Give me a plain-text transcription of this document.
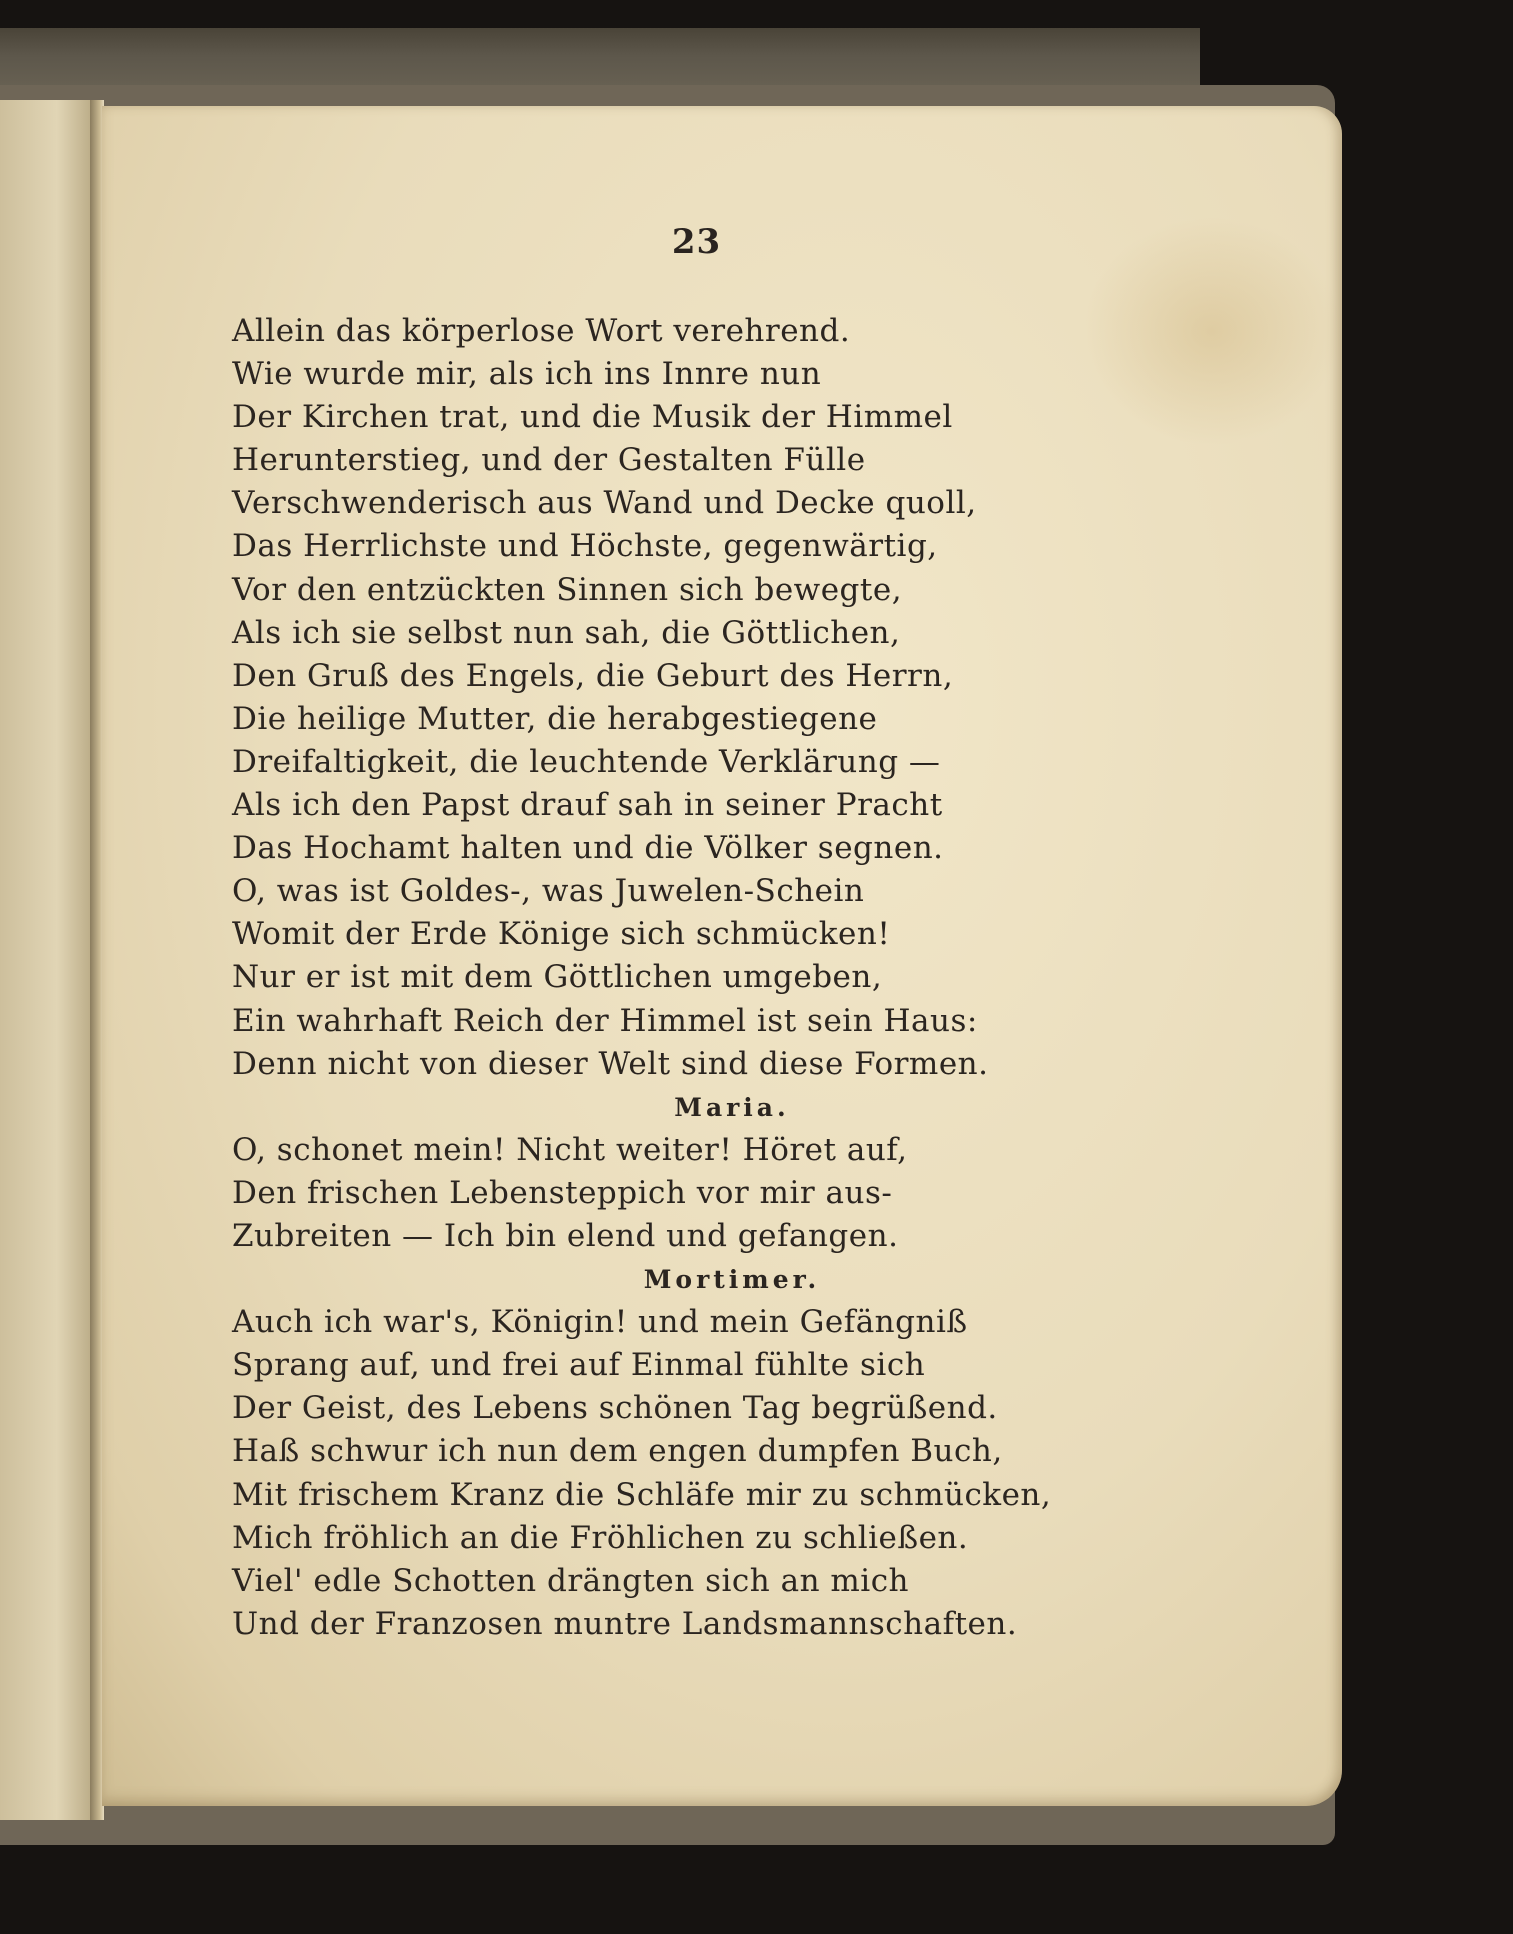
23
Allein das körperlose Wort verehrend.
Wie wurde mir, als ich ins Innre nun
Der Kirchen trat, und die Musik der Himmel
Herunterstieg, und der Gestalten Fülle
Verschwenderisch aus Wand und Decke quoll,
Das Herrlichste und Höchste, gegenwärtig,
Vor den entzückten Sinnen sich bewegte,
Als ich sie selbst nun sah, die Göttlichen,
Den Gruß des Engels, die Geburt des Herrn,
Die heilige Mutter, die herabgestiegene
Dreifaltigkeit, die leuchtende Verklärung —
Als ich den Papst drauf sah in seiner Pracht
Das Hochamt halten und die Völker segnen.
O, was ist Goldes-, was Juwelen-Schein
Womit der Erde Könige sich schmücken!
Nur er ist mit dem Göttlichen umgeben,
Ein wahrhaft Reich der Himmel ist sein Haus:
Denn nicht von dieser Welt sind diese Formen.
Maria.
O, schonet mein! Nicht weiter! Höret auf,
Den frischen Lebensteppich vor mir aus-
Zubreiten — Ich bin elend und gefangen.
Mortimer.
Auch ich war's, Königin! und mein Gefängniß
Sprang auf, und frei auf Einmal fühlte sich
Der Geist, des Lebens schönen Tag begrüßend.
Haß schwur ich nun dem engen dumpfen Buch,
Mit frischem Kranz die Schläfe mir zu schmücken,
Mich fröhlich an die Fröhlichen zu schließen.
Viel' edle Schotten drängten sich an mich
Und der Franzosen muntre Landsmannschaften.
